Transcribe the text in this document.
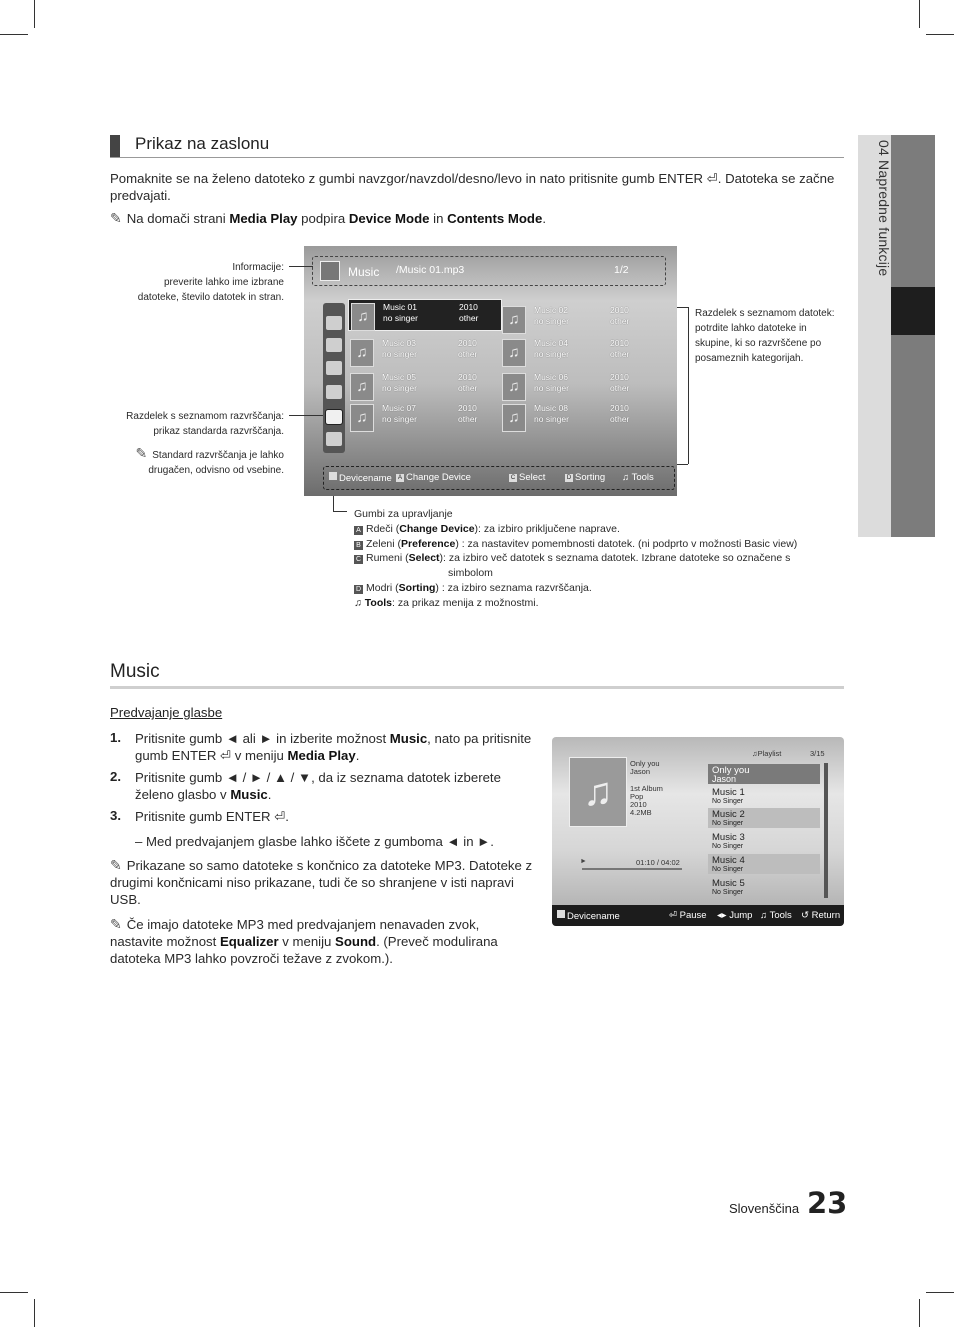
04 Napredne funkcije
Prikaz na zaslonu
Pomaknite se na želeno datoteko z gumbi navzgor/navzdol/desno/levo in nato pritisnite gumb ENTER ⏎. Datoteka se začne predvajati.
✎ Na domači strani Media Play podpira Device Mode in Contents Mode.
Music /Music 01.mp3	1/2
♫
Music 01
no singer
2010
other	♫
Music 02
no singer
2010
other
♫
Music 03
no singer
2010
other	♫
Music 04
no singer
2010
other
♫
Music 05
no singer
2010
other	♫
Music 06
no singer
2010
other
♫
Music 07
no singer
2010
other	♫
Music 08
no singer
2010
other
Devicename	A Change Device	C Select	D Sorting ♫ Tools
Informacije:
preverite lahko ime izbrane
datoteke, število datotek in stran.
Razdelek s seznamom razvrščanja:
prikaz standarda razvrščanja.
✎ Standard razvrščanja je lahko
drugačen, odvisno od vsebine.
Razdelek s seznamom datotek:
potrdite lahko datoteke in
skupine, ki so razvrščene po
posameznih kategorijah.
Gumbi za upravljanje
A Rdeči (Change Device): za izbiro priključene naprave.
B Zeleni (Preference) : za nastavitev pomembnosti datotek. (ni podprto v možnosti Basic view)
C Rumeni (Select): za izbiro več datotek s seznama datotek. Izbrane datoteke so označene s
simbolom
D Modri (Sorting) : za izbiro seznama razvrščanja.
♫ Tools: za prikaz menija z možnostmi.
Music
Predvajanje glasbe
1. Pritisnite gumb ◄ ali ► in izberite možnost Music, nato pa pritisnite gumb ENTER ⏎ v meniju Media Play.
2. Pritisnite gumb ◄ / ► / ▲ / ▼, da iz seznama datotek izberete želeno glasbo v Music.
3. Pritisnite gumb ENTER ⏎.
– Med predvajanjem glasbe lahko iščete z gumboma ◄ in ►.
✎ Prikazane so samo datoteke s končnico za datoteke MP3. Datoteke z drugimi končnicami niso prikazane, tudi če so shranjene v isti napravi USB.
✎ Če imajo datoteke MP3 med predvajanjem nenavaden zvok, nastavite možnost Equalizer v meniju Sound. (Preveč modulirana datoteka MP3 lahko povzroči težave z zvokom.).
♫
Only you
Jason
1st Album
Pop
2010
4.2MB
►	01:10 / 04:02
♫Playlist	3/15
Only you
Jason
Music 1
No Singer
Music 2
No Singer
Music 3
No Singer
Music 4
No Singer
Music 5
No Singer
Devicename	⏎ Pause ◂▸ Jump ♫ Tools ↺ Return
Slovenščina 23
